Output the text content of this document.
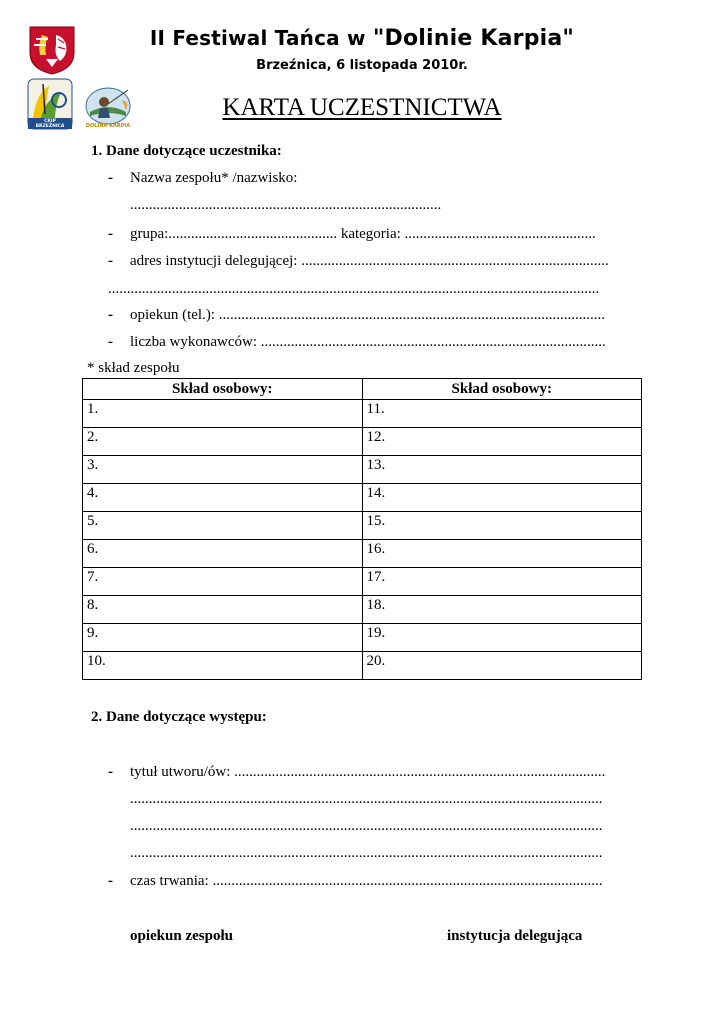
CKIP
BRZEŹNICA	DOLINA KARPIA
II Festiwal Tańca w "Dolinie Karpia"
Brzeźnica, 6 listopada 2010r.
KARTA UCZESTNICTWA
1. Dane dotyczące uczestnika:
- Nazwa zespołu* /nazwisko:
...................................................................................
- grupa:............................................. kategoria: ...................................................
- adres instytucji delegującej: ..................................................................................
...................................................................................................................................
- opiekun (tel.): .......................................................................................................
- liczba wykonawców: ............................................................................................
* skład zespołu
Skład osobowy:	Skład osobowy:
1.	11.
2.	12.
3.	13.
4.	14.
5.	15.
6.	16.
7.	17.
8.	18.
9.	19.
10.	20.
2. Dane dotyczące występu:
- tytuł utworu/ów: ...................................................................................................
..............................................................................................................................
..............................................................................................................................
..............................................................................................................................
- czas trwania: ........................................................................................................
opiekun zespołu	instytucja delegująca
